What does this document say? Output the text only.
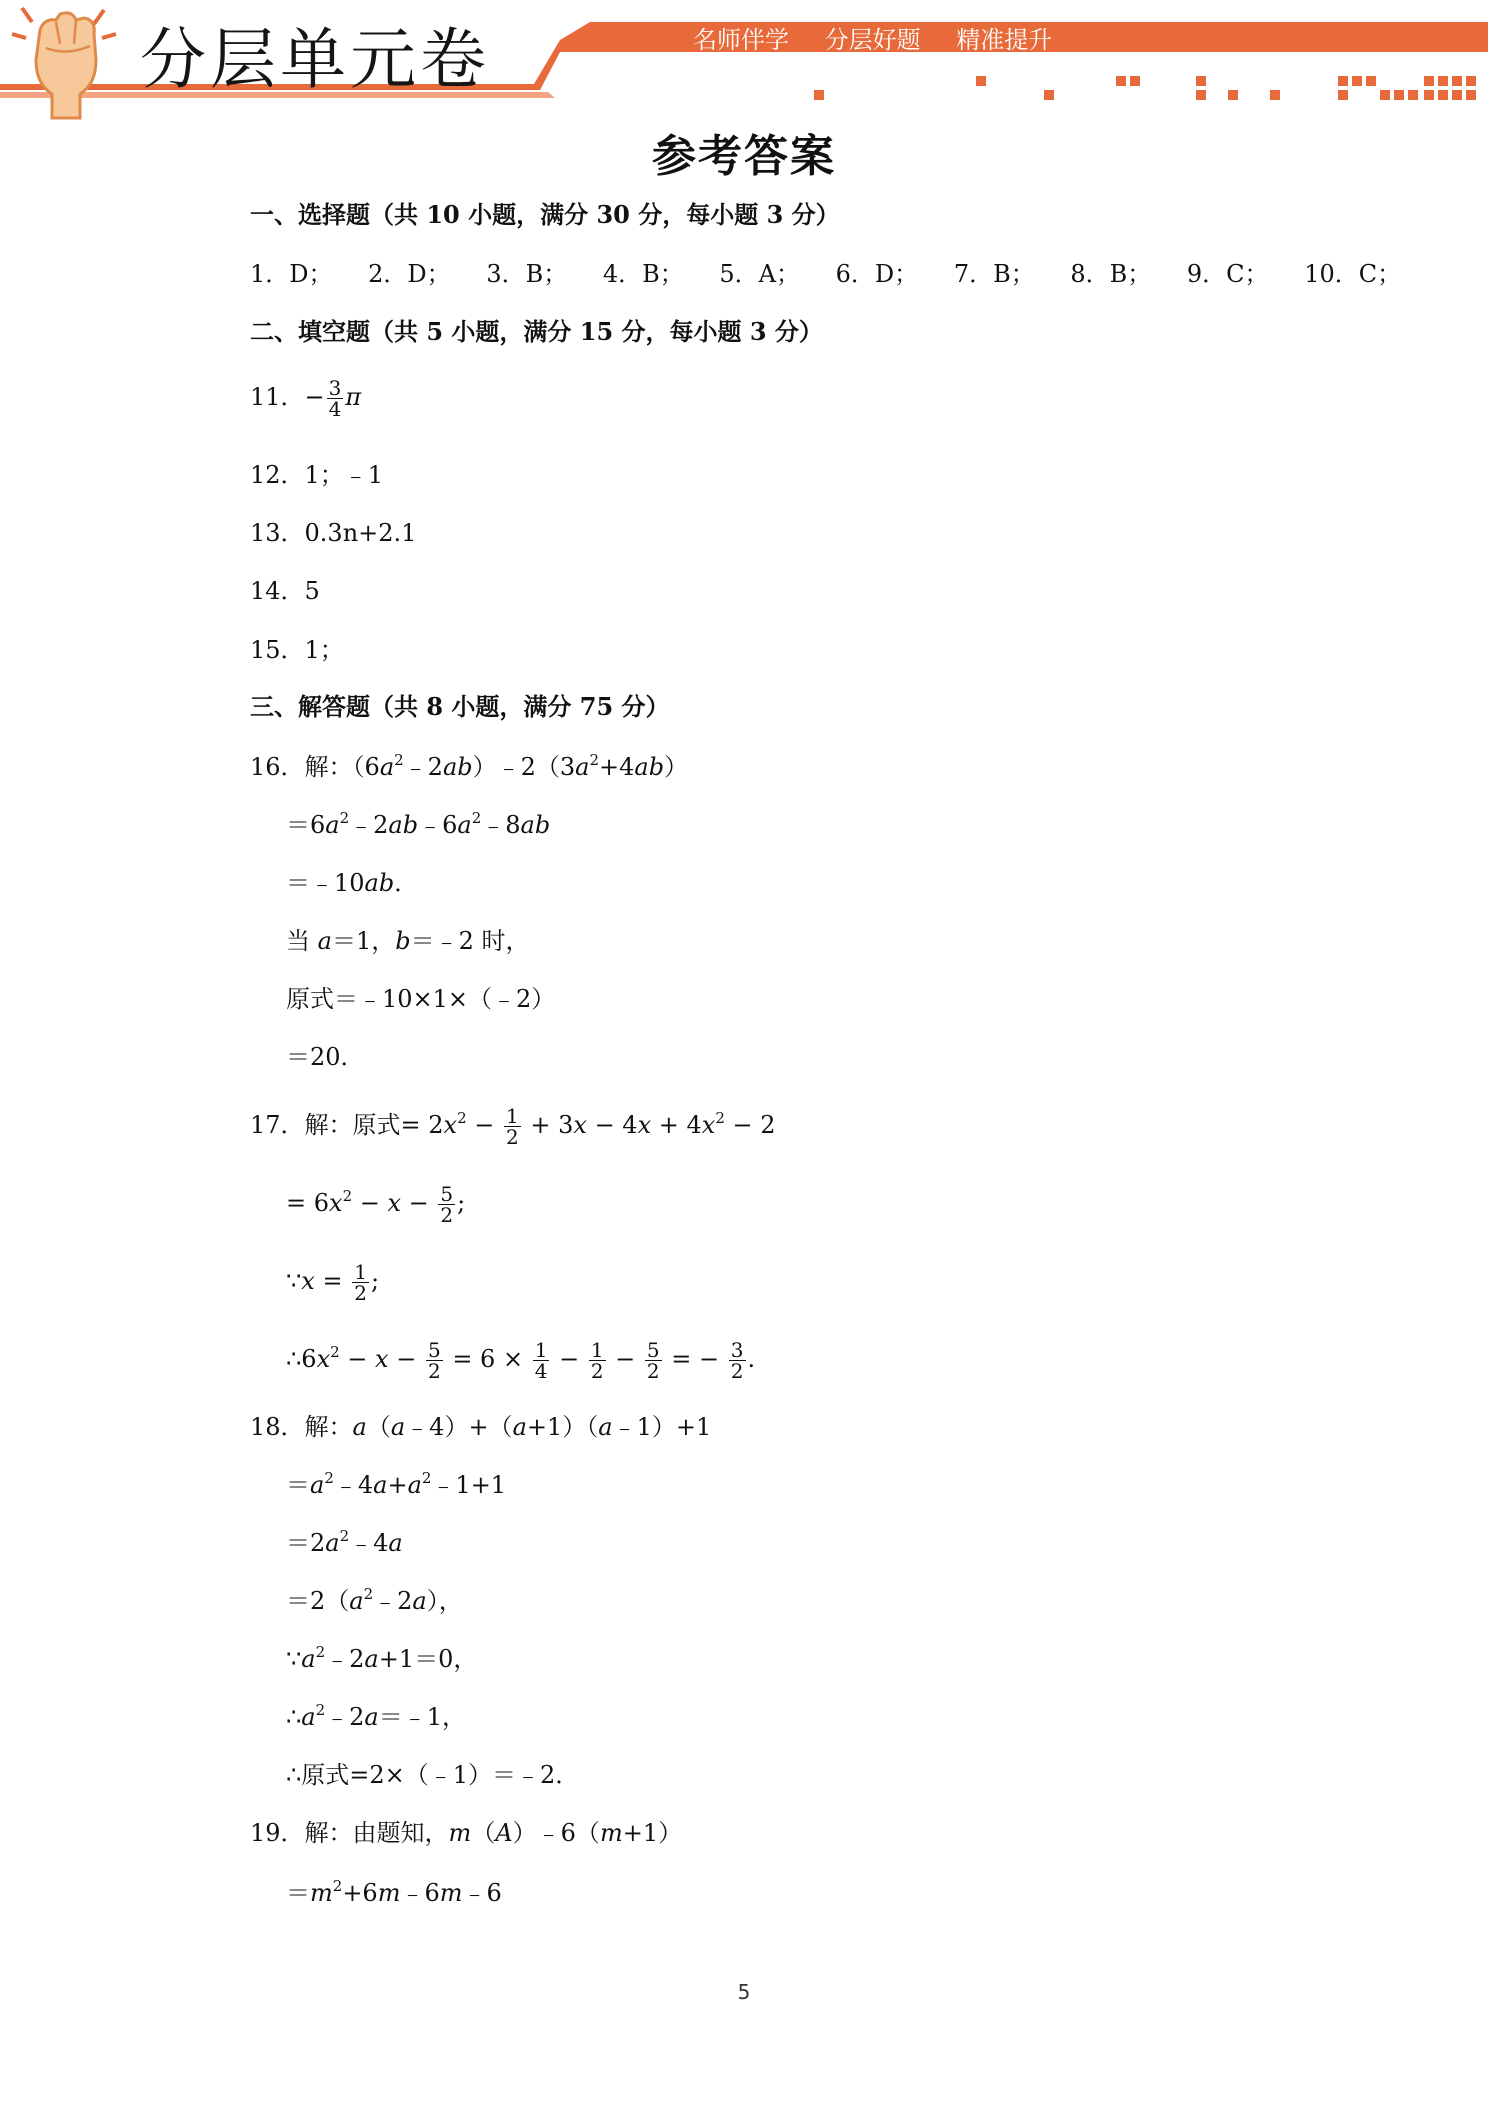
分层单元卷	名师伴学 分层好题 精准提升
参考答案
一、选择题（共 10 小题，满分 30 分，每小题 3 分）
1．D； 2．D； 3．B； 4．B； 5．A； 6．D； 7．B； 8．B； 9．C； 10．C；
二、填空题（共 5 小题，满分 15 分，每小题 3 分）
11．− $\frac{3}{4}$ π
12．1；﹣1
13．0.3n+2.1
14．5
15．1；
三、解答题（共 8 小题，满分 75 分）
16．解：$(6a^2﹣2ab)﹣2(3a^2+4ab)$
$=6a^2﹣2ab﹣6a^2﹣8ab$
＝﹣10ab．
当 a＝1，b＝﹣2 时，
原式＝﹣10×1×（﹣2）
＝20．
17．解：原式= $2x^2 - \frac{1}{2} + 3x - 4x + 4x^2 - 2$
= $6x^2 - x - \frac{5}{2}$ ;
∵x = $\frac{1}{2}$ ;
$\therefore 6x^2 - x - \frac{5}{2} = 6 \times \frac{1}{4} - \frac{1}{2} - \frac{5}{2}$ = − $\frac{3}{2}$ .
18．解：a（a﹣4）+（a+1）（a﹣1）+1
$=a^2﹣4a+a^2﹣1+1$
$=2a^2﹣4a$
$=2(a^2﹣2a)$，
$\because a^2﹣2a+1=0$，
$\therefore a^2﹣2a=﹣1$，
∴原式=2×（﹣1）＝﹣2．
19．解：由题知，m（A）﹣6（m+1）
$=m^2+6m﹣6m﹣6$
5
